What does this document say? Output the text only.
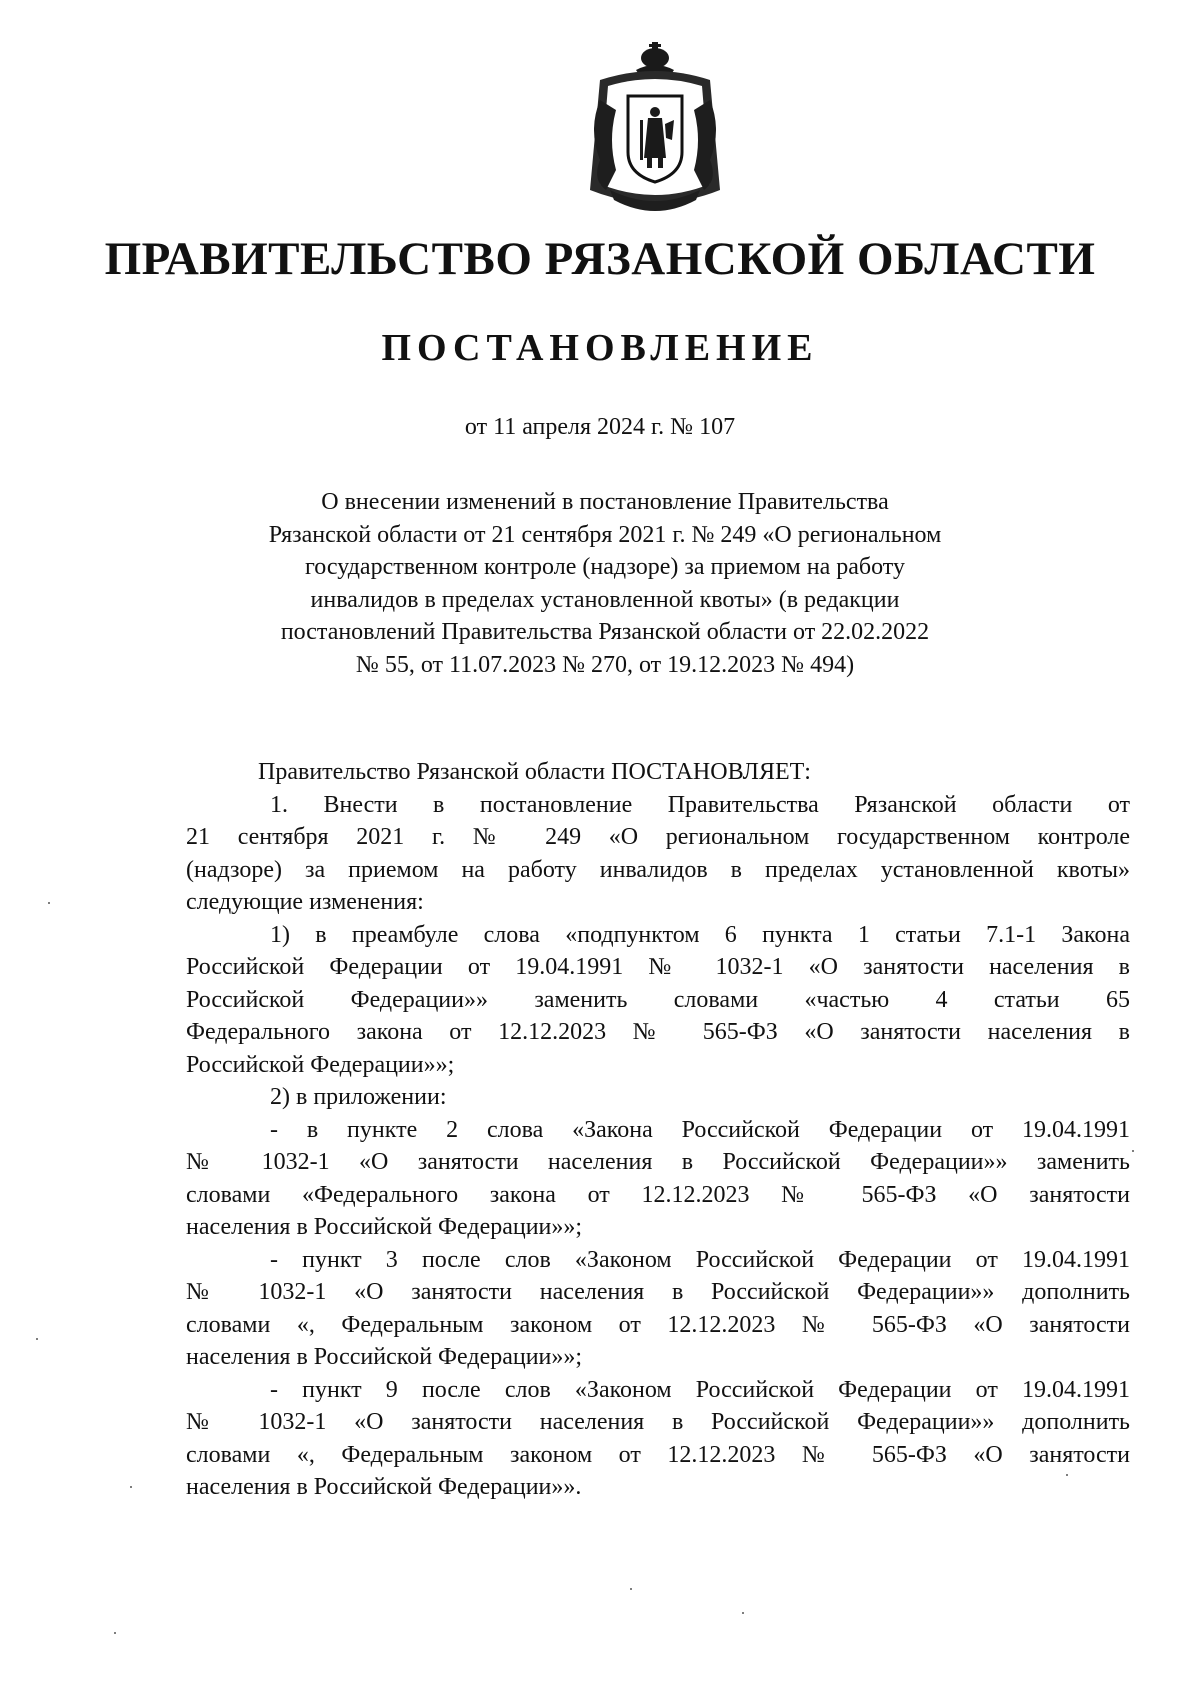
ПРАВИТЕЛЬСТВО РЯЗАНСКОЙ ОБЛАСТИ
ПОСТАНОВЛЕНИЕ
от 11 апреля 2024 г. № 107
О внесении изменений в постановление Правительства
Рязанской области от 21 сентября 2021 г. № 249 «О региональном
государственном контроле (надзоре) за приемом на работу
инвалидов в пределах установленной квоты» (в редакции
постановлений Правительства Рязанской области от 22.02.2022
№ 55, от 11.07.2023 № 270, от 19.12.2023 № 494)
Правительство Рязанской области ПОСТАНОВЛЯЕТ:
1. Внести в постановление Правительства Рязанской области от
21 сентября 2021 г. № 249 «О региональном государственном контроле
(надзоре) за приемом на работу инвалидов в пределах установленной квоты»
следующие изменения:
1) в преамбуле слова «подпунктом 6 пункта 1 статьи 7.1-1 Закона
Российской Федерации от 19.04.1991 № 1032-1 «О занятости населения в
Российской Федерации»» заменить словами «частью 4 статьи 65
Федерального закона от 12.12.2023 № 565-ФЗ «О занятости населения в
Российской Федерации»»;
2) в приложении:
- в пункте 2 слова «Закона Российской Федерации от 19.04.1991
№ 1032-1 «О занятости населения в Российской Федерации»» заменить
словами «Федерального закона от 12.12.2023 № 565-ФЗ «О занятости
населения в Российской Федерации»»;
- пункт 3 после слов «Законом Российской Федерации от 19.04.1991
№ 1032-1 «О занятости населения в Российской Федерации»» дополнить
словами «, Федеральным законом от 12.12.2023 № 565-ФЗ «О занятости
населения в Российской Федерации»»;
- пункт 9 после слов «Законом Российской Федерации от 19.04.1991
№ 1032-1 «О занятости населения в Российской Федерации»» дополнить
словами «, Федеральным законом от 12.12.2023 № 565-ФЗ «О занятости
населения в Российской Федерации»».
